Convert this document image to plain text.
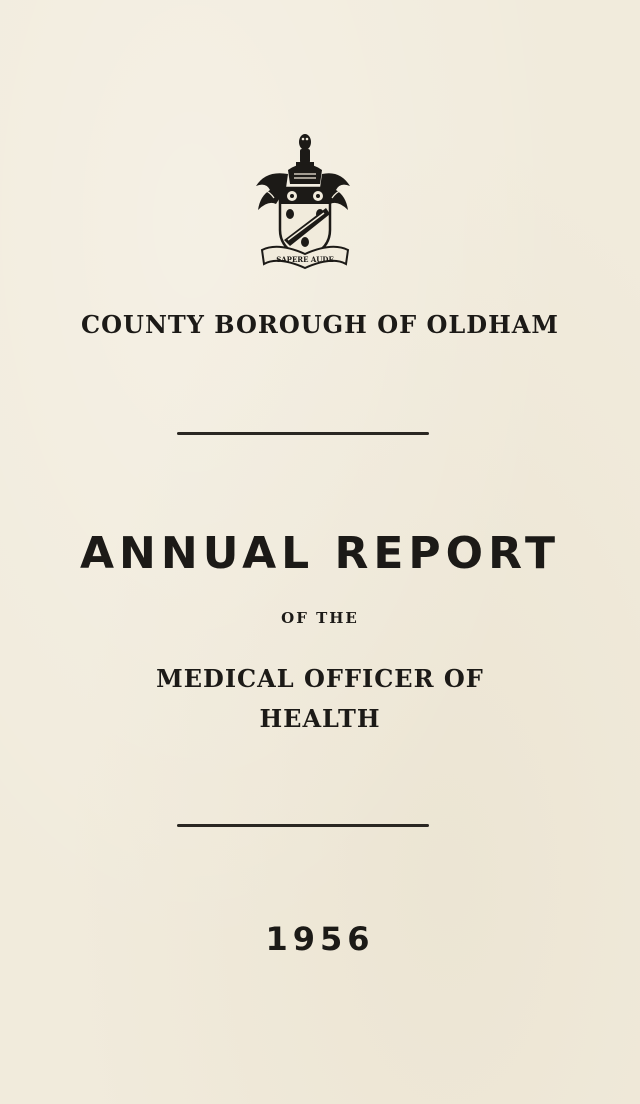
SAPERE AUDE
COUNTY BOROUGH OF OLDHAM
ANNUAL REPORT

OF THE

MEDICAL OFFICER OF
HEALTH

1956
